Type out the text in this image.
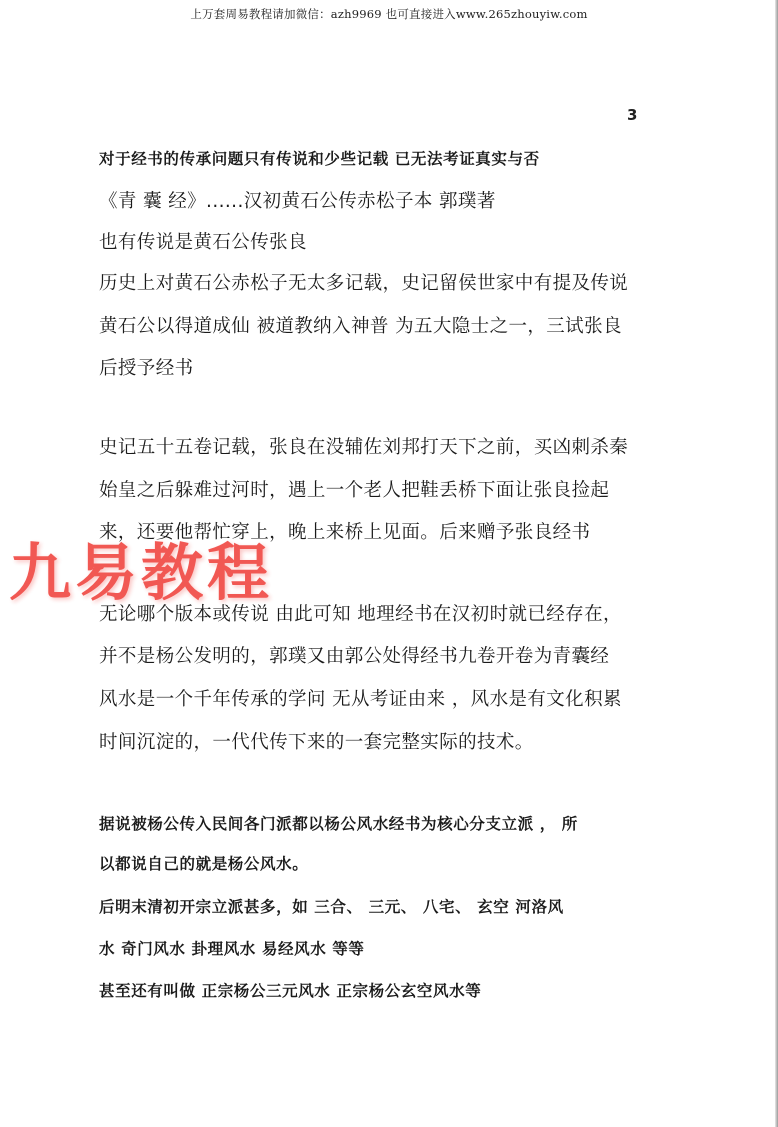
上万套周易教程请加微信：azh9969 也可直接进入www.265zhouyiw.com
3
对于经书的传承问题只有传说和少些记载 已无法考证真实与否
《青 囊 经》......汉初黄石公传赤松子本 郭璞著
也有传说是黄石公传张良
历史上对黄石公赤松子无太多记载，史记留侯世家中有提及传说
黄石公以得道成仙 被道教纳入神普 为五大隐士之一，三试张良
后授予经书
史记五十五卷记载，张良在没辅佐刘邦打天下之前，买凶刺杀秦
始皇之后躲难过河时，遇上一个老人把鞋丢桥下面让张良捡起
来，还要他帮忙穿上，晚上来桥上见面。后来赠予张良经书
无论哪个版本或传说 由此可知 地理经书在汉初时就已经存在，
并不是杨公发明的，郭璞又由郭公处得经书九卷开卷为青囊经
风水是一个千年传承的学问 无从考证由来 ，风水是有文化积累
时间沉淀的，一代代传下来的一套完整实际的技术。
据说被杨公传入民间各门派都以杨公风水经书为核心分支立派 ， 所
以都说自己的就是杨公风水。
后明末清初开宗立派甚多，如 三合、 三元、 八宅、 玄空 河洛风
水 奇门风水 卦理风水 易经风水 等等
甚至还有叫做 正宗杨公三元风水 正宗杨公玄空风水等
九易教程
